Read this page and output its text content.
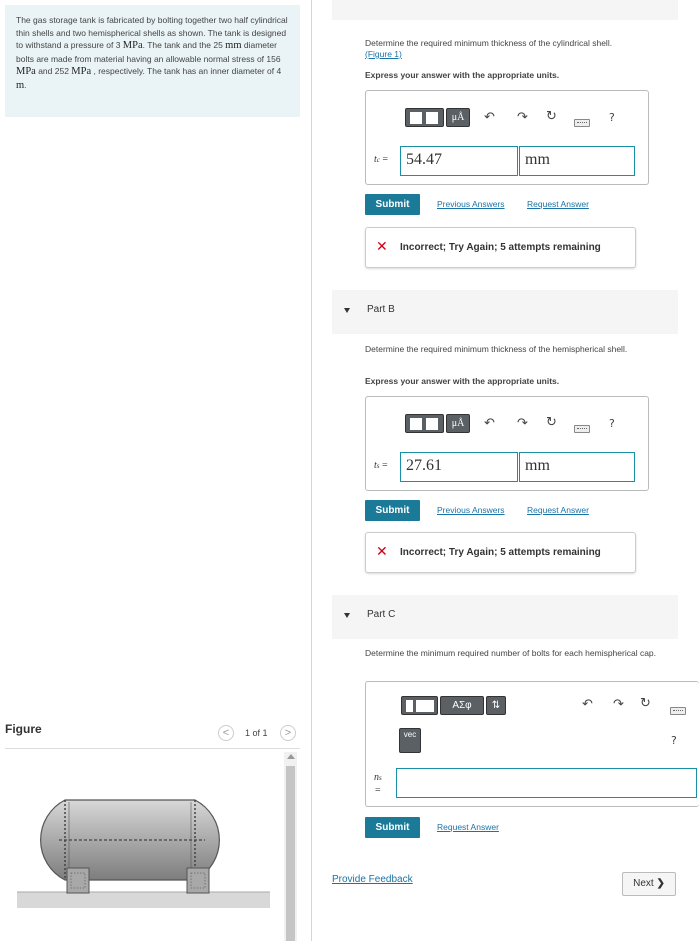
The gas storage tank is fabricated by bolting together two half cylindrical thin shells and two hemispherical shells as shown. The tank is designed to withstand a pressure of 3 MPa. The tank and the 25 mm diameter bolts are made from material having an allowable normal stress of 156 MPa and 252 MPa , respectively. The tank has an inner diameter of 4 m.
Figure	<	1 of 1	>
Determine the required minimum thickness of the cylindrical shell.
(Figure 1)
Express your answer with the appropriate units.
μÅ	↶ ↷ ↻	?
tc =	54.47	mm
Submit	Previous Answers	Request Answer
✕ Incorrect; Try Again; 5 attempts remaining
Part B
Determine the required minimum thickness of the hemispherical shell.
Express your answer with the appropriate units.
μÅ	↶ ↷ ↻	?
ts =	27.61	mm
Submit	Previous Answers	Request Answer
✕ Incorrect; Try Again; 5 attempts remaining
Part C
Determine the minimum required number of bolts for each hemispherical cap.
ΑΣφ	⇅
vec
↶ ↷ ↻
?
ns
=
Submit	Request Answer
Provide Feedback	Next ❯
